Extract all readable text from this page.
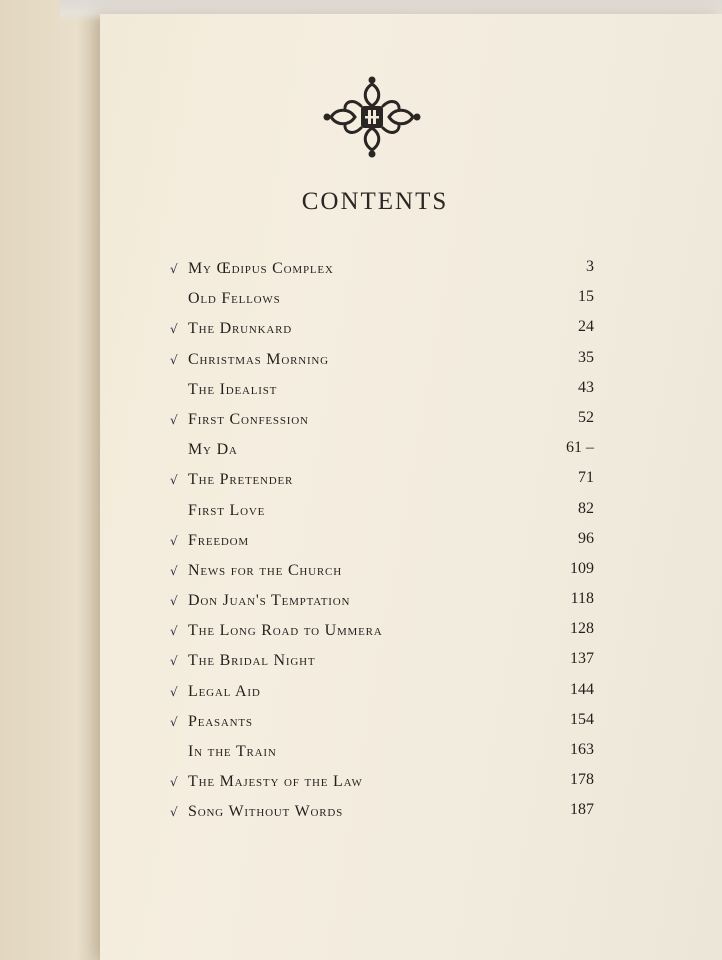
CONTENTS
√ My Œdipus Complex	3
Old Fellows	15
√ The Drunkard	24
√ Christmas Morning	35
The Idealist	43
√ First Confession	52
My Da	61 –
√ The Pretender	71
First Love	82
√ Freedom	96
√ News for the Church	109
√ Don Juan's Temptation	118
√ The Long Road to Ummera	128
√ The Bridal Night	137
√ Legal Aid	144
√ Peasants	154
In the Train	163
√ The Majesty of the Law	178
√ Song Without Words	187
